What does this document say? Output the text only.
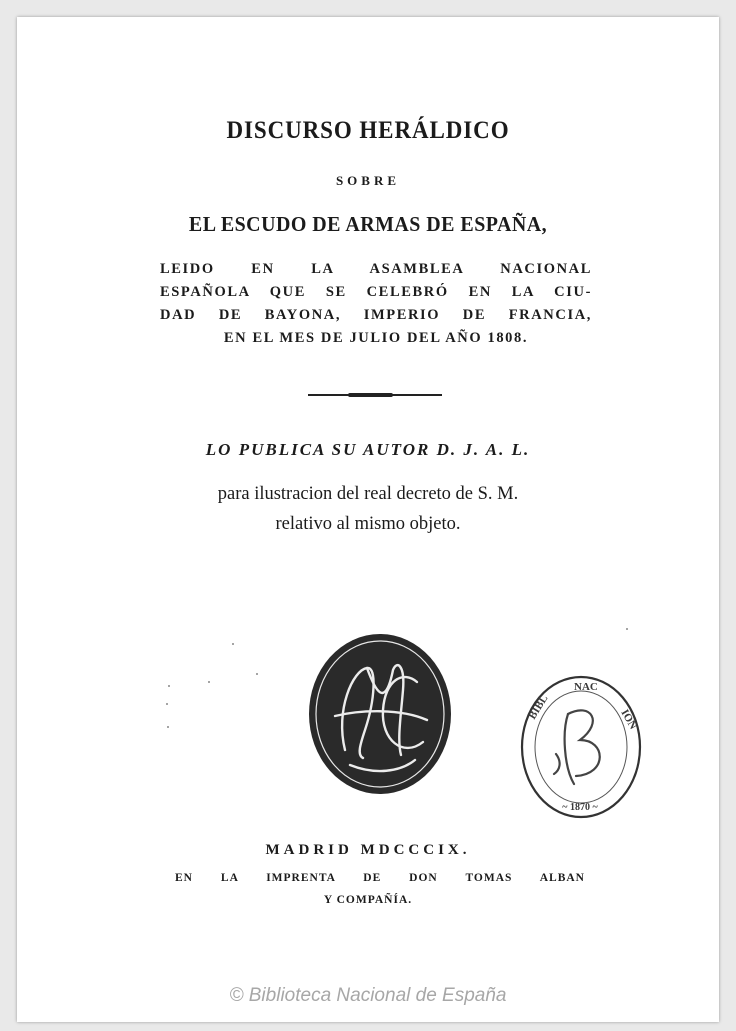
DISCURSO HERÁLDICO
SOBRE
EL ESCUDO DE ARMAS DE ESPAÑA,
LEIDO EN LA ASAMBLEA NACIONAL
ESPAÑOLA QUE SE CELEBRÓ EN LA CIU-
DAD DE BAYONA, IMPERIO DE FRANCIA,
EN EL MES DE JULIO DEL AÑO 1808.
LO PUBLICA SU AUTOR D. J. A. L.
para ilustracion del real decreto de S. M.
relativo al mismo objeto.
BIBL
NAC
ION
~ 1870 ~
MADRID MDCCCIX.
EN LA IMPRENTA DE DON TOMAS ALBAN
Y COMPAÑÍA.
© Biblioteca Nacional de España
